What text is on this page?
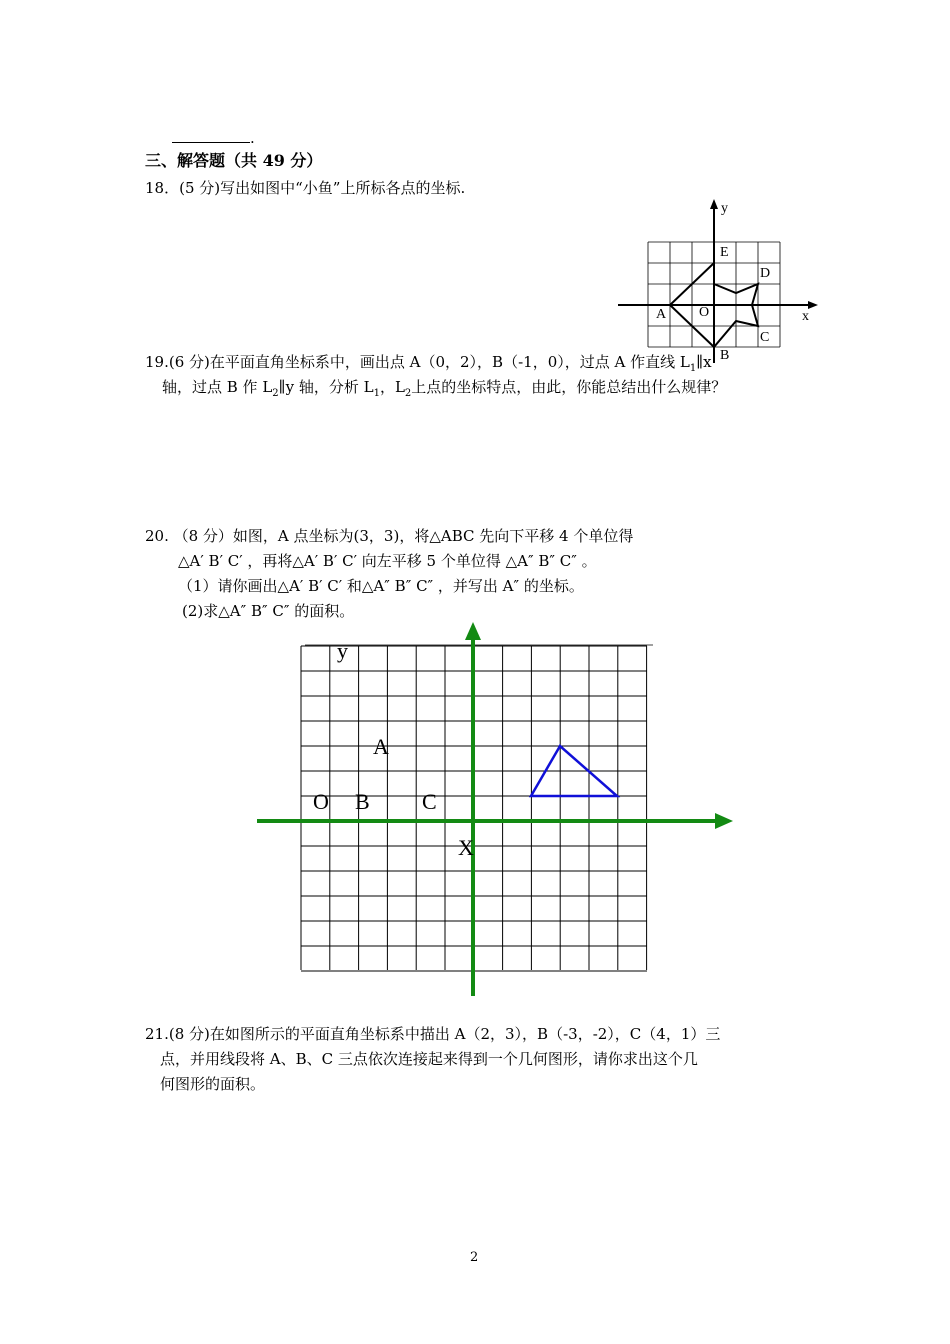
.
三、解答题（共 49 分）
18．(5 分)写出如图中“小鱼”上所标各点的坐标.
y
E
D
A O	x
C
B
19.(6 分)在平面直角坐标系中，画出点 A（0，2），B（-1，0），过点 A 作直线 $L_1\parallel x$
轴，过点 B 作 $L_2\parallel y$ 轴，分析 $L_1$，$L_2$上点的坐标特点，由此，你能总结出什么规律？
20. （8 分）如图，A 点坐标为(3，3)，将△ABC 先向下平移 4 个单位得
△A′ B′ C′ ，再将△A′ B′ C′ 向左平移 5 个单位得 △A″ B″ C″ 。
（1）请你画出△A′ B′ C′ 和△A″ B″ C″ ，并写出 A″ 的坐标。
(2)求△A″ B″ C″ 的面积。
y
A
O B C
X
21.(8 分)在如图所示的平面直角坐标系中描出 A（2，3），B（-3，-2），C（4，1）三
点，并用线段将 A、B、C 三点依次连接起来得到一个几何图形，请你求出这个几
何图形的面积。
2
